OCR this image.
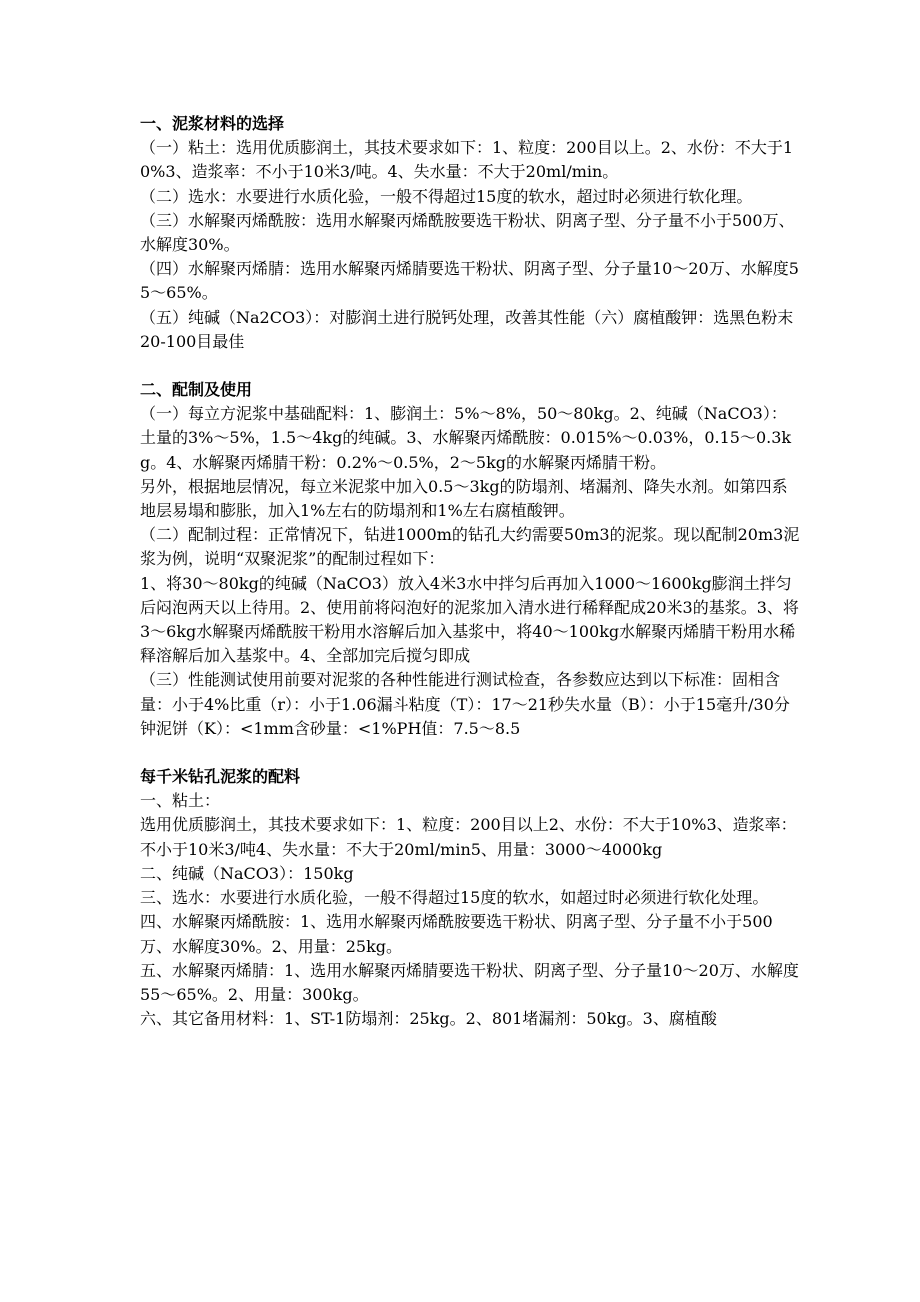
一、泥浆材料的选择

（一）粘土：选用优质膨润土，其技术要求如下：1、粒度：200目以上。2、水份：不大于10%3、造浆率：不小于10米3/吨。4、失水量：不大于20ml/min。

（二）选水：水要进行水质化验，一般不得超过15度的软水，超过时必须进行软化理。

（三）水解聚丙烯酰胺：选用水解聚丙烯酰胺要选干粉状、阴离子型、分子量不小于500万、水解度30%。

（四）水解聚丙烯腈：选用水解聚丙烯腈要选干粉状、阴离子型、分子量10～20万、水解度55～65%。

（五）纯碱（Na2CO3）：对膨润土进行脱钙处理，改善其性能（六）腐植酸钾：选黑色粉末20-100目最佳

二、配制及使用

（一）每立方泥浆中基础配料：1、膨润土：5%～8%，50～80kg。2、纯碱（NaCO3）：土量的3%～5%，1.5～4kg的纯碱。3、水解聚丙烯酰胺：0.015%～0.03%，0.15～0.3kg。4、水解聚丙烯腈干粉：0.2%～0.5%，2～5kg的水解聚丙烯腈干粉。

另外，根据地层情况，每立米泥浆中加入0.5～3kg的防塌剂、堵漏剂、降失水剂。如第四系地层易塌和膨胀，加入1%左右的防塌剂和1%左右腐植酸钾。

（二）配制过程：正常情况下，钻进1000m的钻孔大约需要50m3的泥浆。现以配制20m3泥浆为例，说明“双聚泥浆”的配制过程如下：

1、将30～80kg的纯碱（NaCO3）放入4米3水中拌匀后再加入1000～1600kg膨润土拌匀后闷泡两天以上待用。2、使用前将闷泡好的泥浆加入清水进行稀释配成20米3的基浆。3、将3～6kg水解聚丙烯酰胺干粉用水溶解后加入基浆中，将40～100kg水解聚丙烯腈干粉用水稀释溶解后加入基浆中。4、全部加完后搅匀即成

（三）性能测试使用前要对泥浆的各种性能进行测试检查，各参数应达到以下标准：固相含量：小于4%比重（r）：小于1.06漏斗粘度（T）：17～21秒失水量（B）：小于15毫升/30分钟泥饼（K）：<1mm含砂量：<1%PH值：7.5～8.5

每千米钻孔泥浆的配料

一、粘土：

选用优质膨润土，其技术要求如下：1、粒度：200目以上2、水份：不大于10%3、造浆率：不小于10米3/吨4、失水量：不大于20ml/min5、用量：3000～4000kg

二、纯碱（NaCO3）：150kg

三、选水：水要进行水质化验，一般不得超过15度的软水，如超过时必须进行软化处理。

四、水解聚丙烯酰胺：1、选用水解聚丙烯酰胺要选干粉状、阴离子型、分子量不小于500万、水解度30%。2、用量：25kg。

五、水解聚丙烯腈：1、选用水解聚丙烯腈要选干粉状、阴离子型、分子量10～20万、水解度55～65%。2、用量：300kg。

六、其它备用材料：1、ST-1防塌剂：25kg。2、801堵漏剂：50kg。3、腐植酸
